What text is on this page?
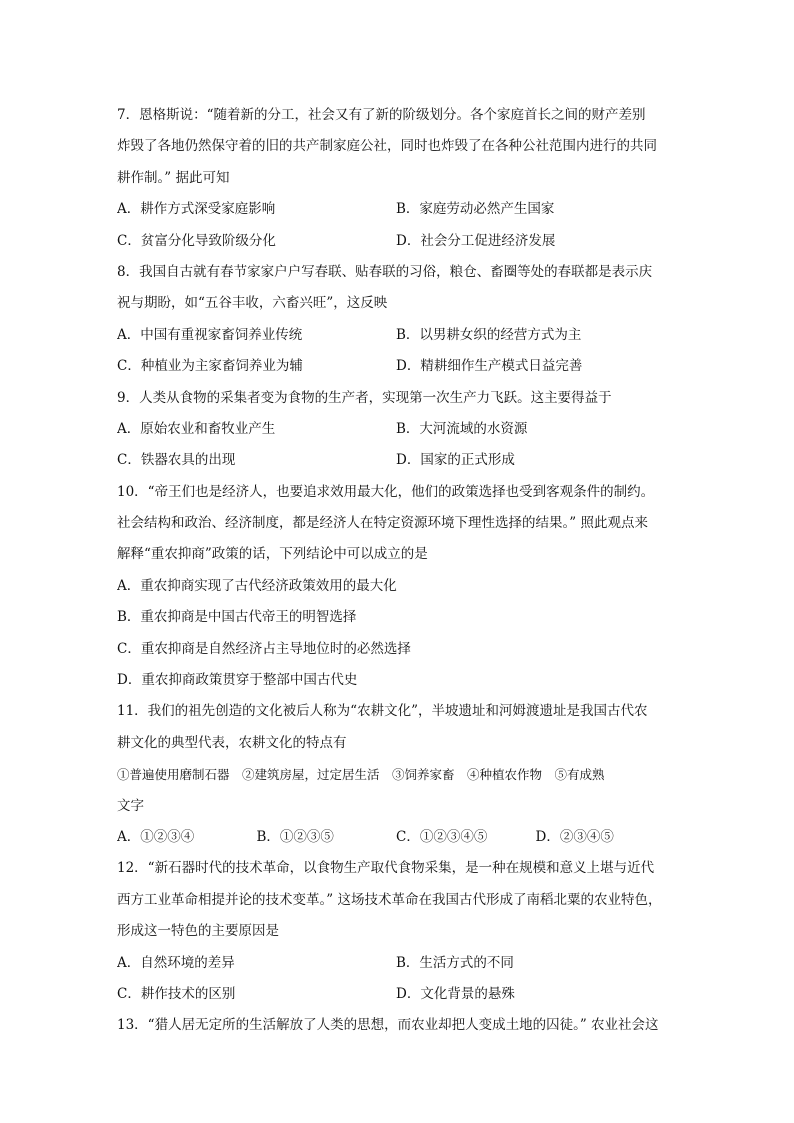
7．恩格斯说：“随着新的分工，社会又有了新的阶级划分。各个家庭首长之间的财产差别
炸毁了各地仍然保守着的旧的共产制家庭公社，同时也炸毁了在各种公社范围内进行的共同
耕作制。” 据此可知
A．耕作方式深受家庭影响	B．家庭劳动必然产生国家
C．贫富分化导致阶级分化	D．社会分工促进经济发展
8．我国自古就有春节家家户户写春联、贴春联的习俗，粮仓、畜圈等处的春联都是表示庆
祝与期盼，如“五谷丰收，六畜兴旺”，这反映
A．中国有重视家畜饲养业传统	B．以男耕女织的经营方式为主
C．种植业为主家畜饲养业为辅	D．精耕细作生产模式日益完善
9．人类从食物的采集者变为食物的生产者，实现第一次生产力飞跃。这主要得益于
A．原始农业和畜牧业产生	B．大河流域的水资源
C．铁器农具的出现	D．国家的正式形成
10．“帝王们也是经济人，也要追求效用最大化，他们的政策选择也受到客观条件的制约。
社会结构和政治、经济制度，都是经济人在特定资源环境下理性选择的结果。” 照此观点来
解释“重农抑商”政策的话，下列结论中可以成立的是
A．重农抑商实现了古代经济政策效用的最大化
B．重农抑商是中国古代帝王的明智选择
C．重农抑商是自然经济占主导地位时的必然选择
D．重农抑商政策贯穿于整部中国古代史
11．我们的祖先创造的文化被后人称为“农耕文化”，半坡遗址和河姆渡遗址是我国古代农
耕文化的典型代表，农耕文化的特点有
①普遍使用磨制石器　②建筑房屋，过定居生活　③饲养家畜　④种植农作物　⑤有成熟
文字
A．①②③④	B．①②③⑤	C．①②③④⑤	D．②③④⑤
12．“新石器时代的技术革命，以食物生产取代食物采集，是一种在规模和意义上堪与近代
西方工业革命相提并论的技术变革。” 这场技术革命在我国古代形成了南稻北粟的农业特色，
形成这一特色的主要原因是
A．自然环境的差异	B．生活方式的不同
C．耕作技术的区别	D．文化背景的悬殊
13．“猎人居无定所的生活解放了人类的思想，而农业却把人变成土地的囚徒。” 农业社会这
